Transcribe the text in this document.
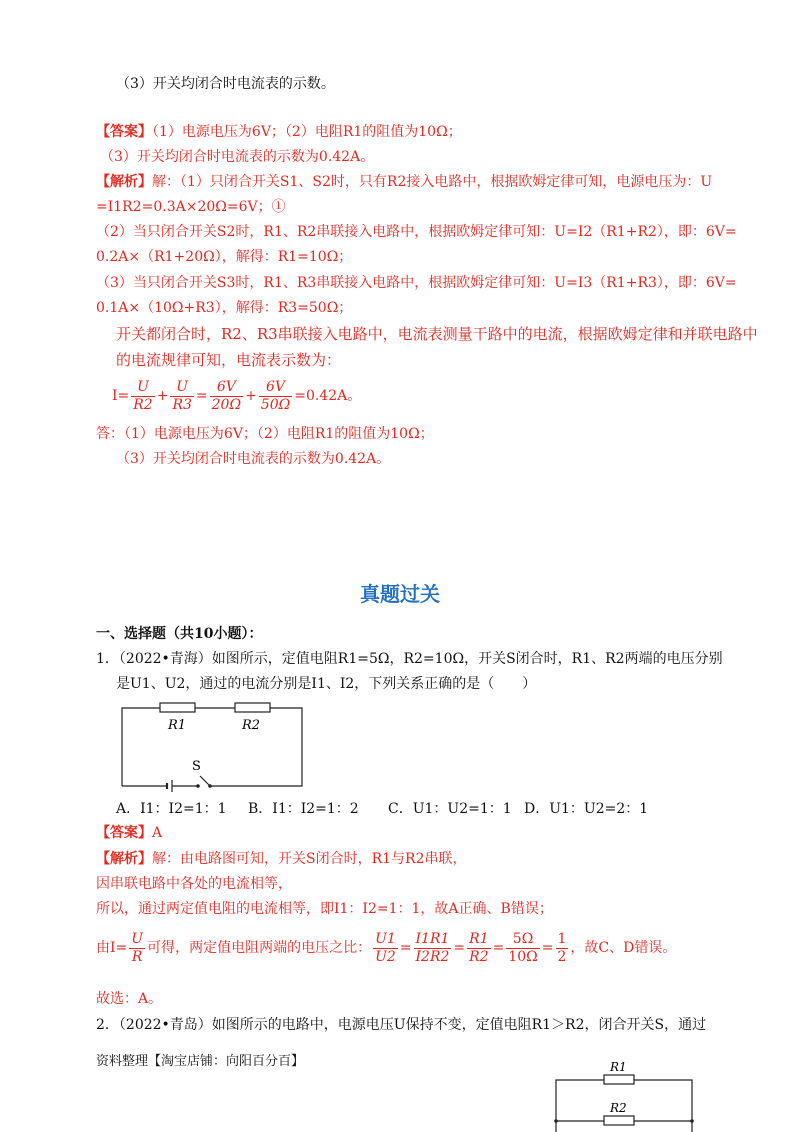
（3）开关均闭合时电流表的示数。
【答案】（1）电源电压为6V；（2）电阻R1的阻值为10Ω；
（3）开关均闭合时电流表的示数为0.42A。
【解析】解：（1）只闭合开关S1、S2时，只有R2接入电路中，根据欧姆定律可知，电源电压为：U
=I1R2=0.3A×20Ω=6V；①
（2）当只闭合开关S2时，R1、R2串联接入电路中，根据欧姆定律可知：U=I2（R1+R2），即：6V=
0.2A×（R1+20Ω），解得：R1=10Ω；
（3）当只闭合开关S3时，R1、R3串联接入电路中，根据欧姆定律可知：U=I3（R1+R3），即：6V=
0.1A×（10Ω+R3），解得：R3=50Ω；
开关都闭合时，R2、R3串联接入电路中，电流表测量干路中的电流，根据欧姆定律和并联电路中
的电流规律可知，电流表示数为：
$I= \frac{U}{R2} + \frac{U}{R3} = \frac{6V}{20\Omega} + \frac{6V}{50\Omega} =0.42A$。
答：（1）电源电压为6V；（2）电阻R1的阻值为10Ω；
（3）开关均闭合时电流表的示数为0.42A。
真题过关
一、选择题（共10小题）：
1．（2022•青海）如图所示，定值电阻R1=5Ω，R2=10Ω，开关S闭合时，R1、R2两端的电压分别
是U1、U2，通过的电流分别是I1、I2，下列关系正确的是（　　）
R1	R2
S
A．I1：I2=1：1 B．I1：I2=1：2 C．U1：U2=1：1 D．U1：U2=2：1
【答案】A
【解析】解：由电路图可知，开关S闭合时，R1与R2串联，
因串联电路中各处的电流相等，
所以，通过两定值电阻的电流相等，即I1：I2=1：1，故A正确、B错误；
由$I= \frac{U}{R}$ 可得，两定值电阻两端的电压之比： $\frac{U1}{U2} = \frac{I1R1}{I2R2} = \frac{R1}{R2} = \frac{5\Omega}{10\Omega} = \frac{1}{2}$ ，故C、D错误。
故选：A。
2．（2022•青岛）如图所示的电路中，电源电压U保持不变，定值电阻R1＞R2，闭合开关S，通过
资料整理【淘宝店铺：向阳百分百】	R1
R2
